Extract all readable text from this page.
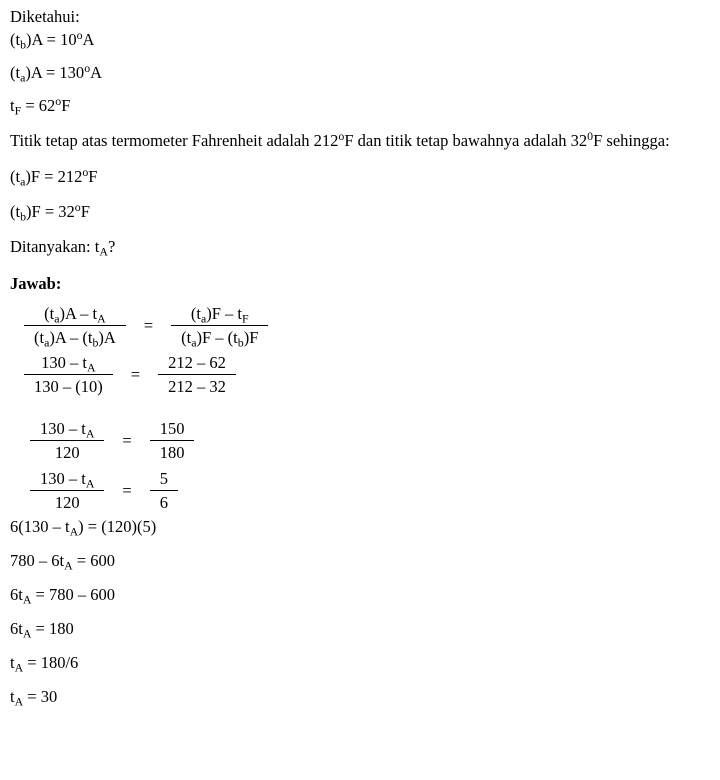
Diketahui:
$(t_b)A = 10^oA$
$(t_a)A = 130^oA$
$t_F = 62^oF$
Titik tetap atas termometer Fahrenheit adalah 212$^o$F dan titik tetap bawahnya adalah $32^0F$ sehingga:
$(t_a)F = 212^oF$
$(t_b)F = 32^oF$
Ditanyakan: $t_A$?
Jawab:
$\frac{(t_a)A - t_A}{(t_a)A - (t_b)A}$	=	$\frac{(t_a)F - t_F}{(t_a)F - (t_b)F}$
$\frac{130 - t_A}{130 - (10)}$	=	$\frac{212 - 62}{212 - 32}$
$\frac{130 - t_A}{120}$	=	$\frac{150}{180}$
$\frac{130 - t_A}{120}$	=	$\frac{5}{6}$
$6(130 - t_A) = (120)(5)$
$780 - 6t_A = 600$
$6t_A = 780 - 600$
$6t_A = 180$
$t_A = 180/6$
$t_A = 30$
